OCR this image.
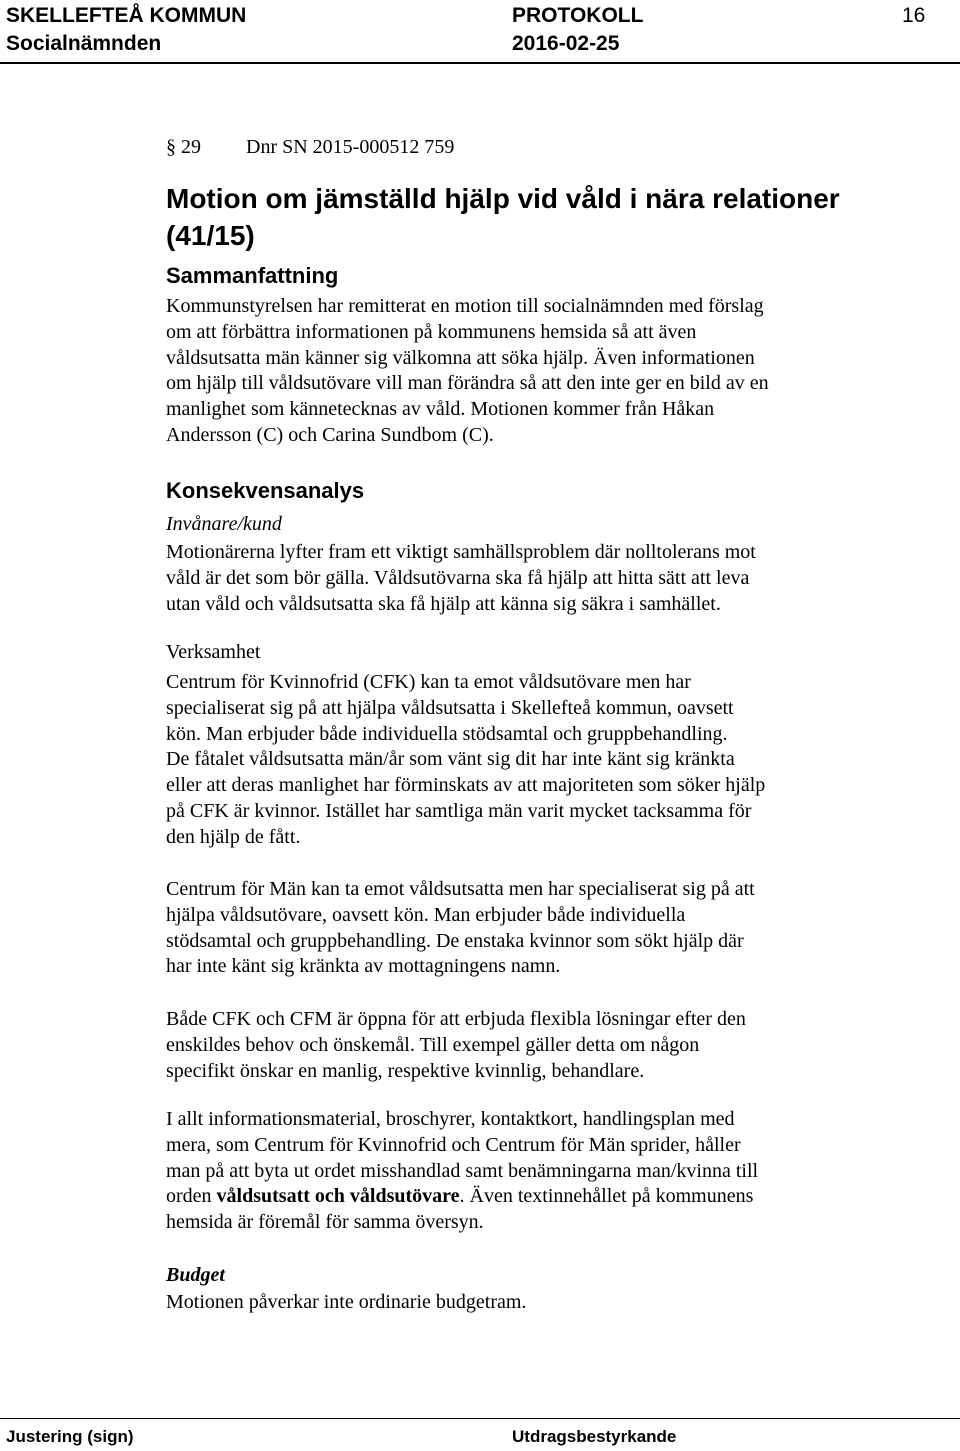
SKELLEFTEÅ KOMMUN
Socialnämnden
PROTOKOLL
2016-02-25
16
§ 29 Dnr SN 2015-000512 759
Motion om jämställd hjälp vid våld i nära relationer (41/15)
Sammanfattning

Kommunstyrelsen har remitterat en motion till socialnämnden med förslag
om att förbättra informationen på kommunens hemsida så att även
våldsutsatta män känner sig välkomna att söka hjälp. Även informationen
om hjälp till våldsutövare vill man förändra så att den inte ger en bild av en
manlighet som kännetecknas av våld. Motionen kommer från Håkan
Andersson (C) och Carina Sundbom (C).

Konsekvensanalys
Invånare/kund

Motionärerna lyfter fram ett viktigt samhällsproblem där nolltolerans mot
våld är det som bör gälla. Våldsutövarna ska få hjälp att hitta sätt att leva
utan våld och våldsutsatta ska få hjälp att känna sig säkra i samhället.

Verksamhet

Centrum för Kvinnofrid (CFK) kan ta emot våldsutövare men har
specialiserat sig på att hjälpa våldsutsatta i Skellefteå kommun, oavsett
kön. Man erbjuder både individuella stödsamtal och gruppbehandling.
De fåtalet våldsutsatta män/år som vänt sig dit har inte känt sig kränkta
eller att deras manlighet har förminskats av att majoriteten som söker hjälp
på CFK är kvinnor. Istället har samtliga män varit mycket tacksamma för
den hjälp de fått.

Centrum för Män kan ta emot våldsutsatta men har specialiserat sig på att
hjälpa våldsutövare, oavsett kön. Man erbjuder både individuella
stödsamtal och gruppbehandling. De enstaka kvinnor som sökt hjälp där
har inte känt sig kränkta av mottagningens namn.

Både CFK och CFM är öppna för att erbjuda flexibla lösningar efter den
enskildes behov och önskemål. Till exempel gäller detta om någon
specifikt önskar en manlig, respektive kvinnlig, behandlare.

I allt informationsmaterial, broschyrer, kontaktkort, handlingsplan med
mera, som Centrum för Kvinnofrid och Centrum för Män sprider, håller
man på att byta ut ordet misshandlad samt benämningarna man/kvinna till
orden våldsutsatt och våldsutövare. Även textinnehållet på kommunens
hemsida är föremål för samma översyn.

Budget

Motionen påverkar inte ordinarie budgetram.

Justering (sign)	Utdragsbestyrkande
